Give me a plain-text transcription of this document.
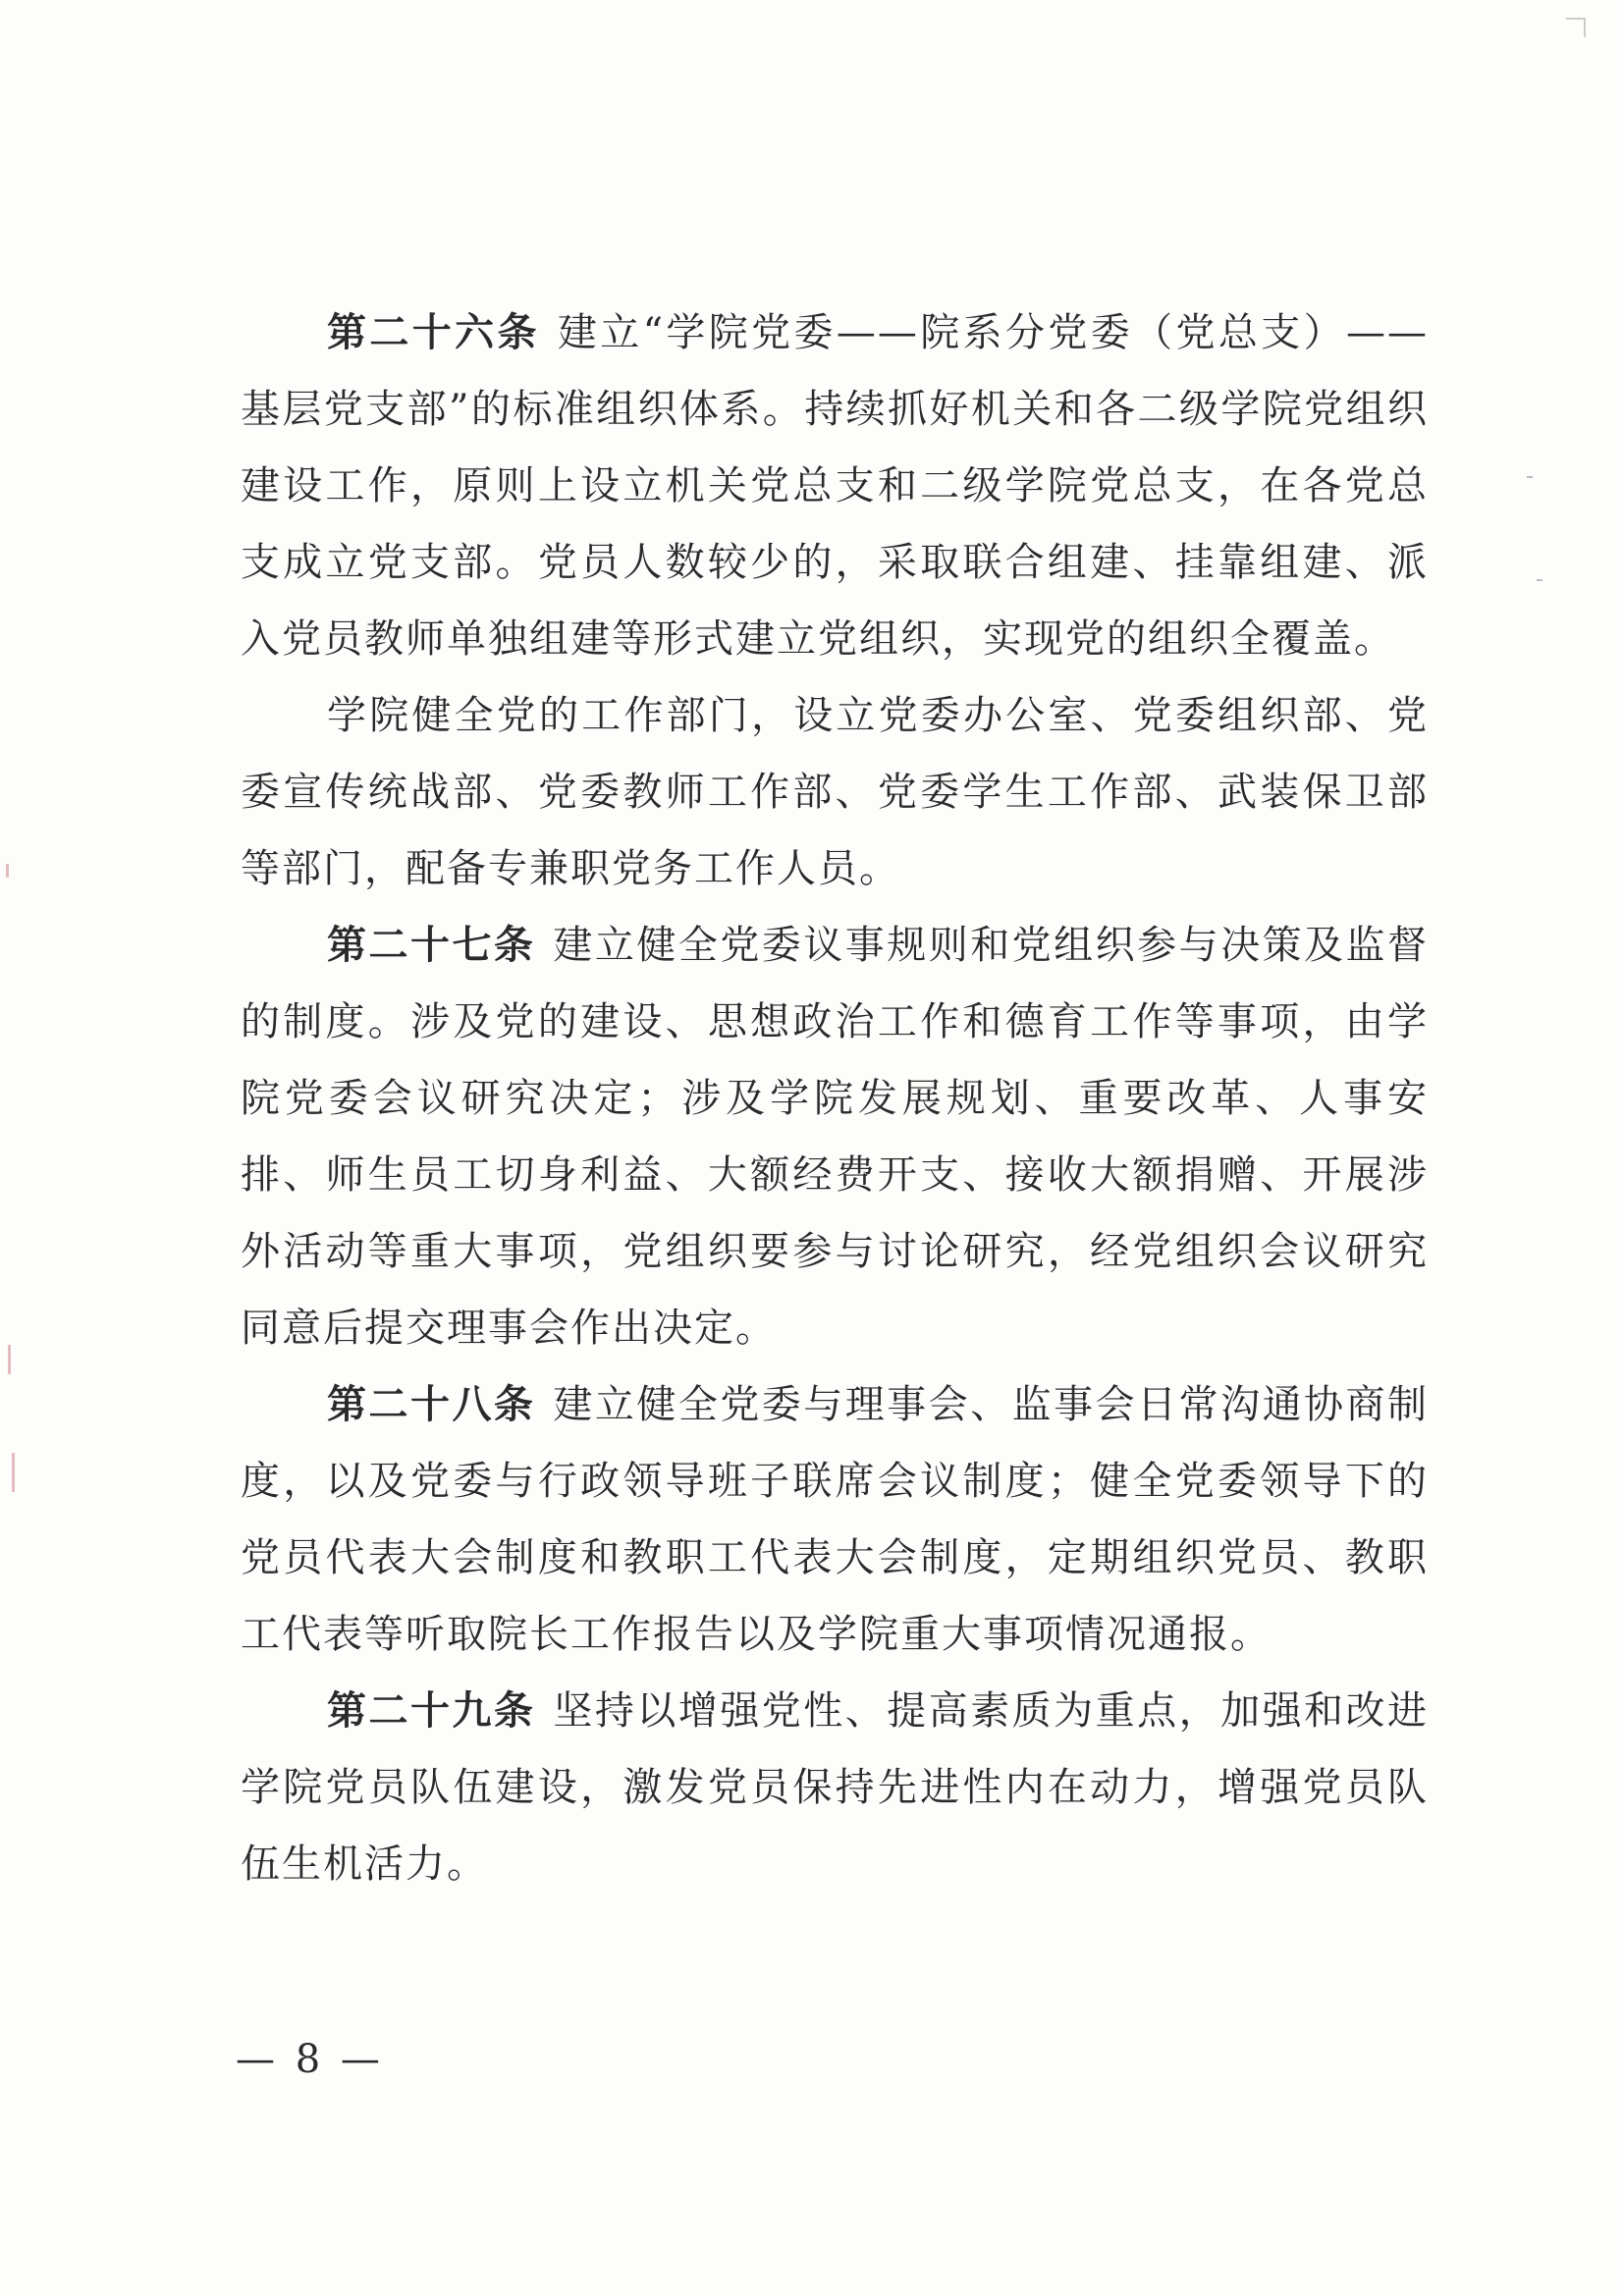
第二十六条 建立“学院党委——院系分党委（党总支）——基层党支部”的标准组织体系。持续抓好机关和各二级学院党组织建设工作，原则上设立机关党总支和二级学院党总支，在各党总支成立党支部。党员人数较少的，采取联合组建、挂靠组建、派入党员教师单独组建等形式建立党组织，实现党的组织全覆盖。

学院健全党的工作部门，设立党委办公室、党委组织部、党委宣传统战部、党委教师工作部、党委学生工作部、武装保卫部等部门，配备专兼职党务工作人员。

第二十七条 建立健全党委议事规则和党组织参与决策及监督的制度。涉及党的建设、思想政治工作和德育工作等事项，由学院党委会议研究决定；涉及学院发展规划、重要改革、人事安排、师生员工切身利益、大额经费开支、接收大额捐赠、开展涉外活动等重大事项，党组织要参与讨论研究，经党组织会议研究同意后提交理事会作出决定。

第二十八条 建立健全党委与理事会、监事会日常沟通协商制度，以及党委与行政领导班子联席会议制度；健全党委领导下的党员代表大会制度和教职工代表大会制度，定期组织党员、教职工代表等听取院长工作报告以及学院重大事项情况通报。

第二十九条 坚持以增强党性、提高素质为重点，加强和改进学院党员队伍建设，激发党员保持先进性内在动力，增强党员队伍生机活力。

— 8 —
